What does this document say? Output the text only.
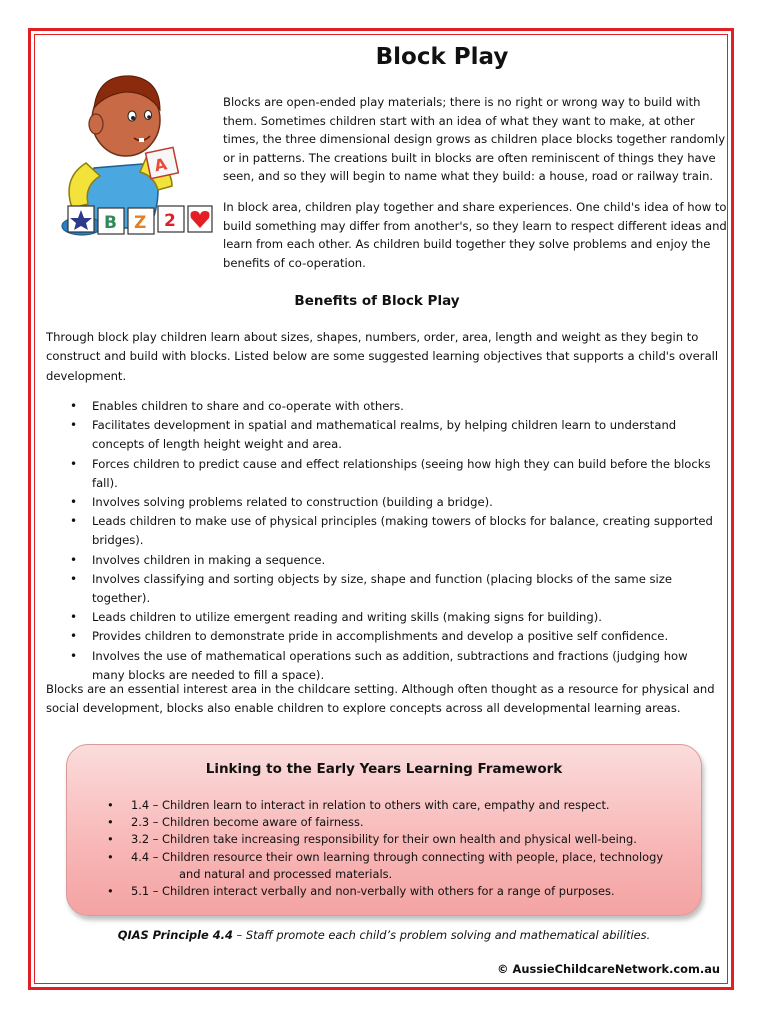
Block Play
A
B Z 2

Blocks are open-ended play materials; there is no right or wrong way to build with them. Sometimes children start with an idea of what they want to make, at other times, the three dimensional design grows as children place blocks together randomly or in patterns. The creations built in blocks are often reminiscent of things they have seen, and so they will begin to name what they build: a house, road or railway train.

In block area, children play together and share experiences. One child's idea of how to build something may differ from another's, so they learn to respect different ideas and learn from each other. As children build together they solve problems and enjoy the benefits of co-operation.

Benefits of Block Play

Through block play children learn about sizes, shapes, numbers, order, area, length and weight as they begin to construct and build with blocks. Listed below are some suggested learning objectives that supports a child's overall development.

• Enables children to share and co-operate with others.
• Facilitates development in spatial and mathematical realms, by helping children learn to understand concepts of length height weight and area.
• Forces children to predict cause and effect relationships (seeing how high they can build before the blocks fall).
• Involves solving problems related to construction (building a bridge).
• Leads children to make use of physical principles (making towers of blocks for balance, creating supported bridges).
• Involves children in making a sequence.
• Involves classifying and sorting objects by size, shape and function (placing blocks of the same size together).
• Leads children to utilize emergent reading and writing skills (making signs for building).
• Provides children to demonstrate pride in accomplishments and develop a positive self confidence.
• Involves the use of mathematical operations such as addition, subtractions and fractions (judging how many blocks are needed to fill a space).

Blocks are an essential interest area in the childcare setting. Although often thought as a resource for physical and social development, blocks also enable children to explore concepts across all developmental learning areas.

Linking to the Early Years Learning Framework
• 1.4 – Children learn to interact in relation to others with care, empathy and respect.
• 2.3 – Children become aware of fairness.
• 3.2 – Children take increasing responsibility for their own health and physical well-being.
• 4.4 – Children resource their own learning through connecting with people, place, technology
and natural and processed materials.
• 5.1 – Children interact verbally and non-verbally with others for a range of purposes.
QIAS Principle 4.4 – Staff promote each child’s problem solving and mathematical abilities.
© AussieChildcareNetwork.com.au
